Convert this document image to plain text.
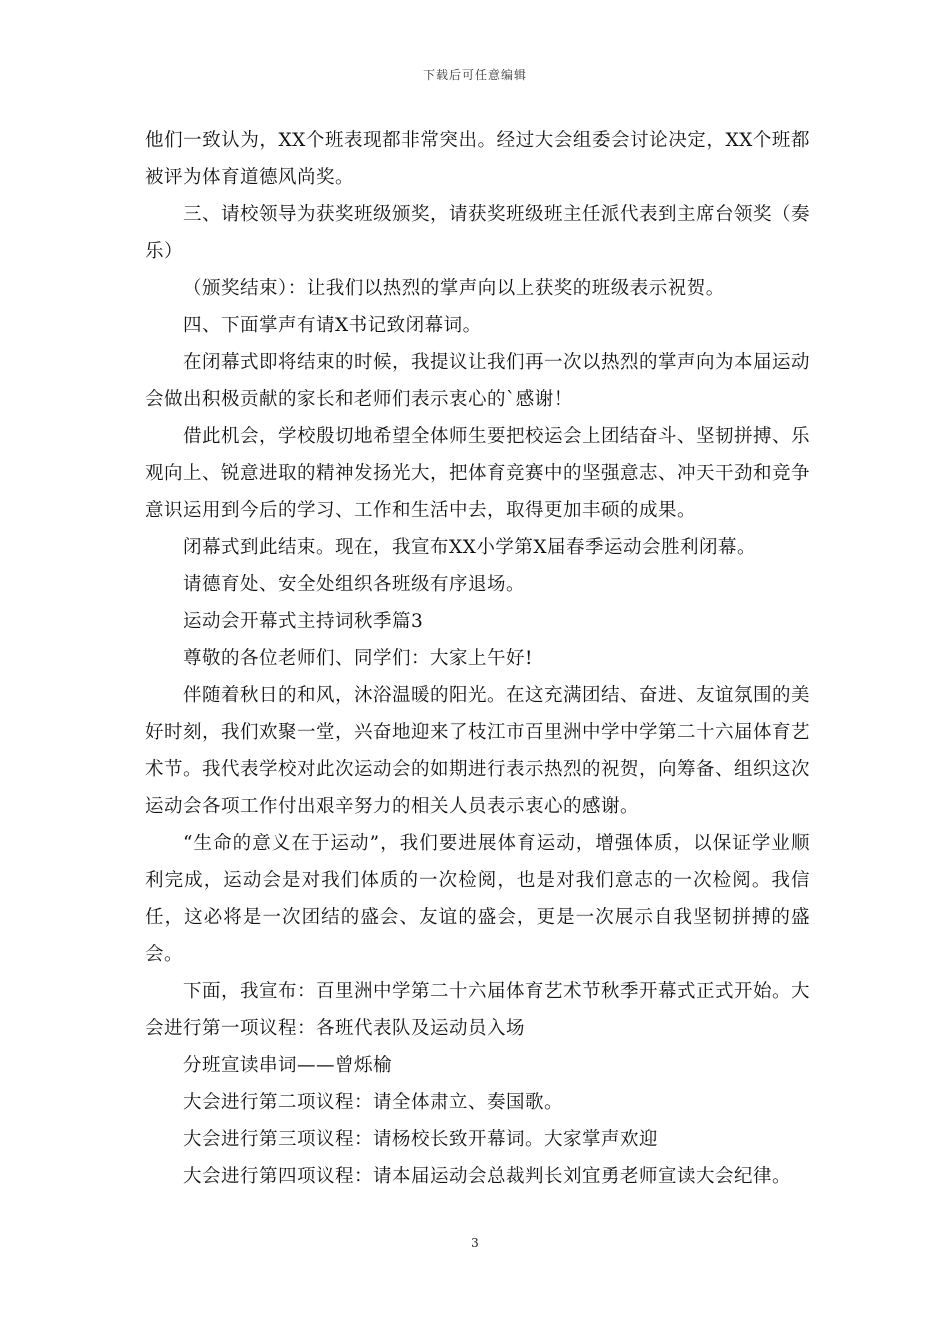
下载后可任意编辑

他们一致认为，XX个班表现都非常突出。经过大会组委会讨论决定，XX个班都被评为体育道德风尚奖。

三、请校领导为获奖班级颁奖，请获奖班级班主任派代表到主席台领奖（奏乐）

（颁奖结束）：让我们以热烈的掌声向以上获奖的班级表示祝贺。

四、下面掌声有请X书记致闭幕词。

在闭幕式即将结束的时候，我提议让我们再一次以热烈的掌声向为本届运动会做出积极贡献的家长和老师们表示衷心的`感谢！

借此机会，学校殷切地希望全体师生要把校运会上团结奋斗、坚韧拼搏、乐观向上、锐意进取的精神发扬光大，把体育竞赛中的坚强意志、冲天干劲和竞争意识运用到今后的学习、工作和生活中去，取得更加丰硕的成果。

闭幕式到此结束。现在，我宣布XX小学第X届春季运动会胜利闭幕。

请德育处、安全处组织各班级有序退场。

运动会开幕式主持词秋季篇3

尊敬的各位老师们、同学们：大家上午好!

伴随着秋日的和风，沐浴温暖的阳光。在这充满团结、奋进、友谊氛围的美好时刻，我们欢聚一堂，兴奋地迎来了枝江市百里洲中学中学第二十六届体育艺术节。我代表学校对此次运动会的如期进行表示热烈的祝贺，向筹备、组织这次运动会各项工作付出艰辛努力的相关人员表示衷心的感谢。

“生命的意义在于运动”，我们要进展体育运动，增强体质，以保证学业顺利完成，运动会是对我们体质的一次检阅，也是对我们意志的一次检阅。我信任，这必将是一次团结的盛会、友谊的盛会，更是一次展示自我坚韧拼搏的盛会。

下面，我宣布：百里洲中学第二十六届体育艺术节秋季开幕式正式开始。大会进行第一项议程：各班代表队及运动员入场

分班宣读串词——曾烁榆

大会进行第二项议程：请全体肃立、奏国歌。

大会进行第三项议程：请杨校长致开幕词。大家掌声欢迎

大会进行第四项议程：请本届运动会总裁判长刘宜勇老师宣读大会纪律。

3
